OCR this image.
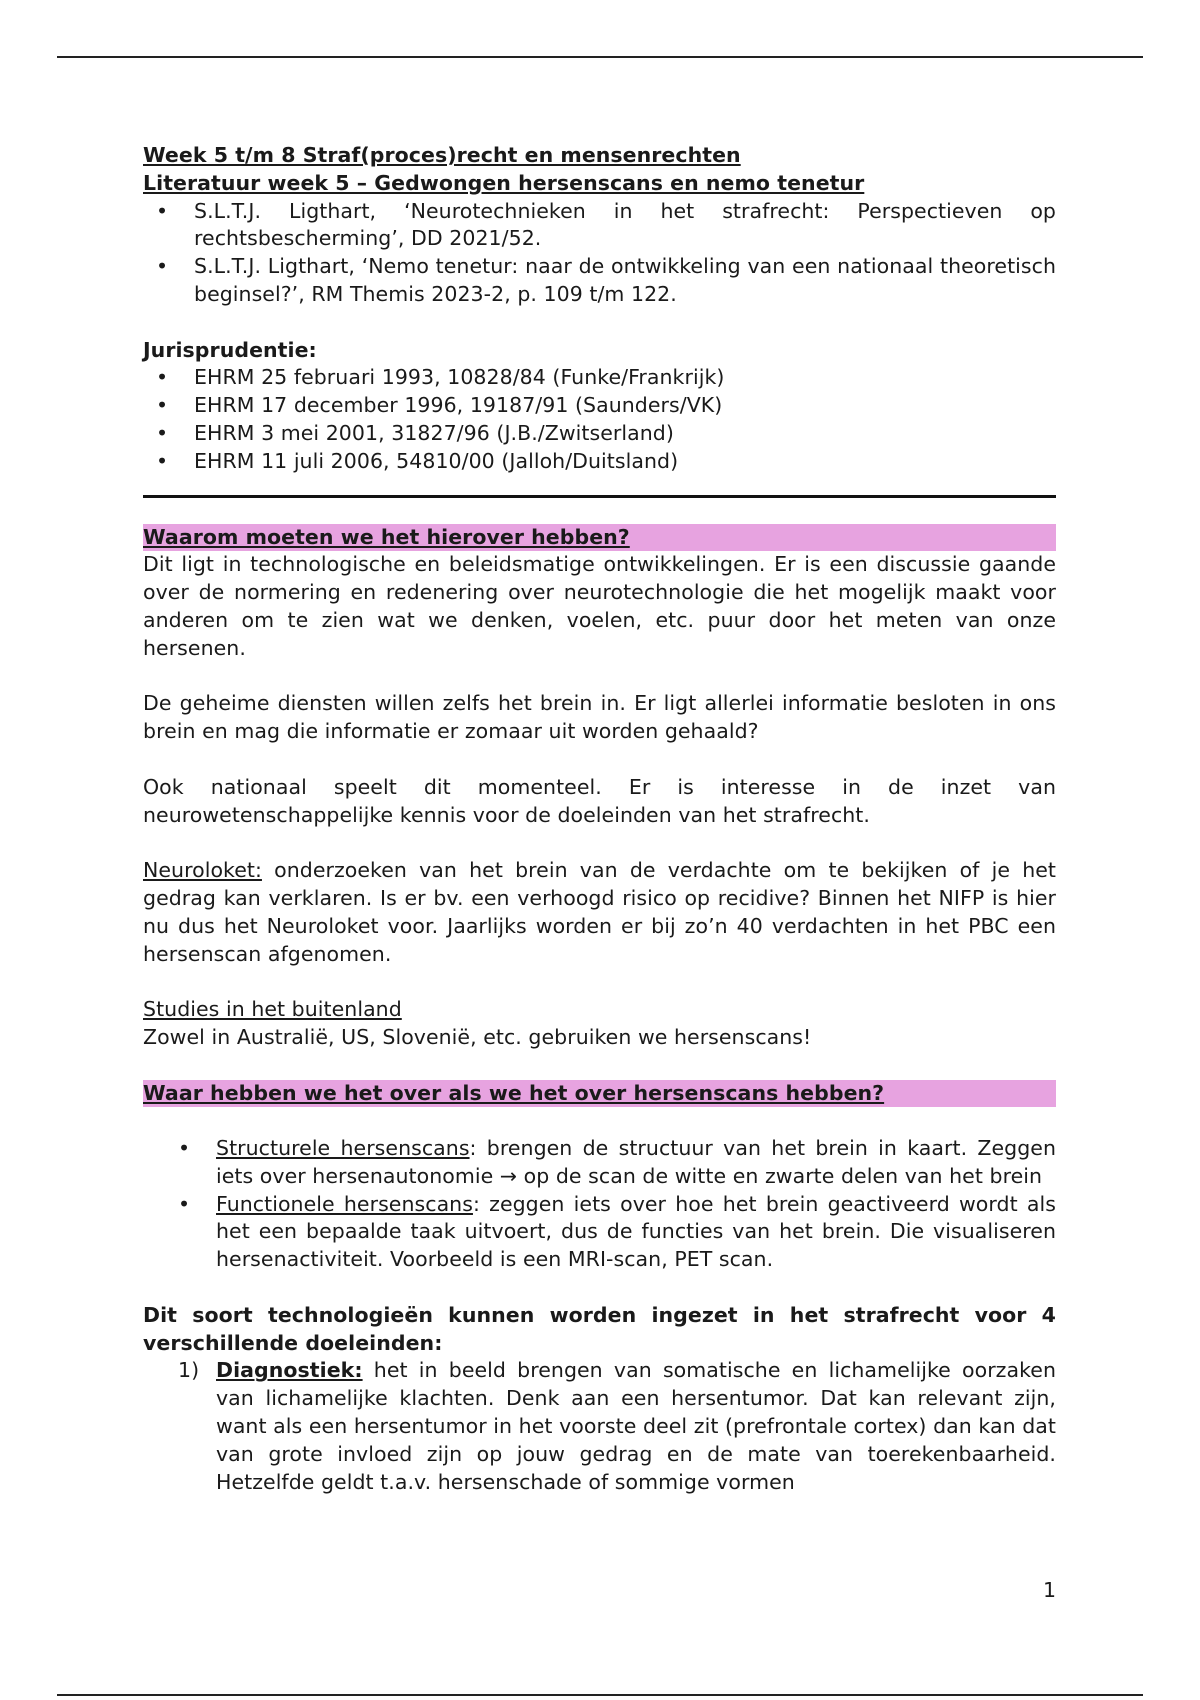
Week 5 t/m 8 Straf(proces)recht en mensenrechten

Literatuur week 5 – Gedwongen hersenscans en nemo tenetur

• S.L.T.J. Ligthart, ‘Neurotechnieken in het strafrecht: Perspectieven op rechtsbescherming’, DD 2021/52.
• S.L.T.J. Ligthart, ‘Nemo tenetur: naar de ontwikkeling van een nationaal theoretisch beginsel?’, RM Themis 2023-2, p. 109 t/m 122.

Jurisprudentie:

• EHRM 25 februari 1993, 10828/84 (Funke/Frankrijk)
• EHRM 17 december 1996, 19187/91 (Saunders/VK)
• EHRM 3 mei 2001, 31827/96 (J.B./Zwitserland)
• EHRM 11 juli 2006, 54810/00 (Jalloh/Duitsland)

Waarom moeten we het hierover hebben?

Dit ligt in technologische en beleidsmatige ontwikkelingen. Er is een discussie gaande over de normering en redenering over neurotechnologie die het mogelijk maakt voor anderen om te zien wat we denken, voelen, etc. puur door het meten van onze hersenen.

De geheime diensten willen zelfs het brein in. Er ligt allerlei informatie besloten in ons brein en mag die informatie er zomaar uit worden gehaald?

Ook nationaal speelt dit momenteel. Er is interesse in de inzet van neurowetenschappelijke kennis voor de doeleinden van het strafrecht.

Neuroloket: onderzoeken van het brein van de verdachte om te bekijken of je het gedrag kan verklaren. Is er bv. een verhoogd risico op recidive? Binnen het NIFP is hier nu dus het Neuroloket voor. Jaarlijks worden er bij zo’n 40 verdachten in het PBC een hersenscan afgenomen.

Studies in het buitenland

Zowel in Australië, US, Slovenië, etc. gebruiken we hersenscans!

Waar hebben we het over als we het over hersenscans hebben?

• Structurele hersenscans: brengen de structuur van het brein in kaart. Zeggen iets over hersenautonomie → op de scan de witte en zwarte delen van het brein
• Functionele hersenscans: zeggen iets over hoe het brein geactiveerd wordt als het een bepaalde taak uitvoert, dus de functies van het brein. Die visualiseren hersenactiviteit. Voorbeeld is een MRI-scan, PET scan.

Dit soort technologieën kunnen worden ingezet in het strafrecht voor 4 verschillende doeleinden:

1) Diagnostiek: het in beeld brengen van somatische en lichamelijke oorzaken van lichamelijke klachten. Denk aan een hersentumor. Dat kan relevant zijn, want als een hersentumor in het voorste deel zit (prefrontale cortex) dan kan dat van grote invloed zijn op jouw gedrag en de mate van toerekenbaarheid. Hetzelfde geldt t.a.v. hersenschade of sommige vormen
1
